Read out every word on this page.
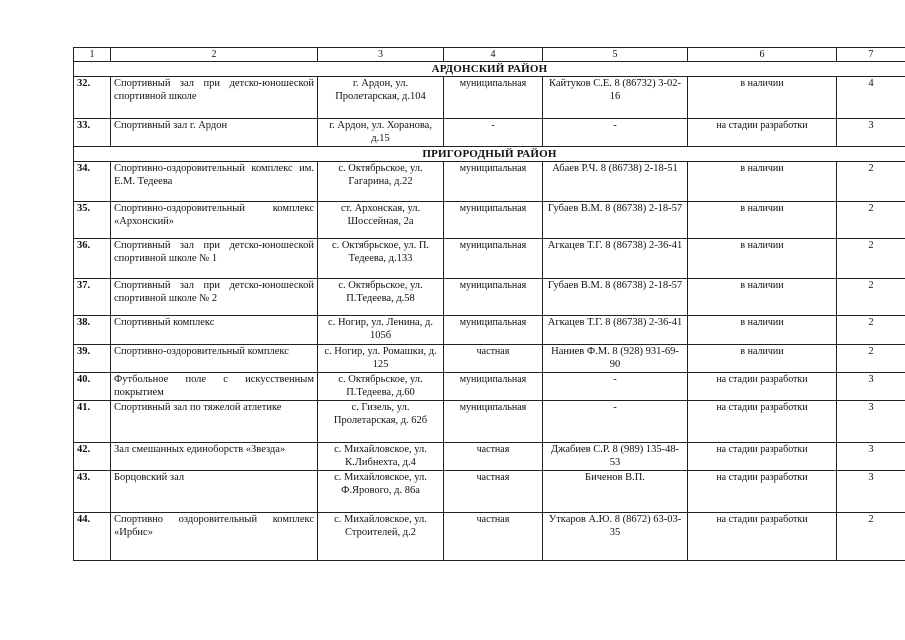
1	2	3	4	5	6	7
АРДОНСКИЙ РАЙОН						
32.	Спортивный зал при детско-юношеской спортивной школе	г. Ардон, ул. Пролетарская, д.104	муниципальная	Кайтуков С.Е. 8 (86732) 3-02-16	в наличии	4
33.	Спортивный зал г. Ардон	г. Ардон, ул. Хоранова, д.15	-	-	на стадии разработки	3
ПРИГОРОДНЫЙ РАЙОН						
34.	Спортивно-оздоровительный комплекс им. Е.М. Тедеева	с. Октябрьское, ул. Гагарина, д.22	муниципальная	Абаев Р.Ч. 8 (86738) 2-18-51	в наличии	2
35.	Спортивно-оздоровительный комплекс «Архонский»	ст. Архонская, ул. Шоссейная, 2а	муниципальная	Губаев В.М. 8 (86738) 2-18-57	в наличии	2
36.	Спортивный зал при детско-юношеской спортивной школе № 1	с. Октябрьское, ул. П. Тедеева, д.133	муниципальная	Агкацев Т.Г. 8 (86738) 2-36-41	в наличии	2
37.	Спортивный зал при детско-юношеской спортивной школе № 2	с. Октябрьское, ул. П.Тедеева, д.58	муниципальная	Губаев В.М. 8 (86738) 2-18-57	в наличии	2
38.	Спортивный комплекс	с. Ногир, ул. Ленина, д. 105б	муниципальная	Агкацев Т.Г. 8 (86738) 2-36-41	в наличии	2
39.	Спортивно-оздоровительный комплекс	с. Ногир, ул. Ромашки, д. 125	частная	Наниев Ф.М. 8 (928) 931-69-90	в наличии	2
40.	Футбольное поле с искусственным покрытием	с. Октябрьское, ул. П.Тедеева, д.60	муниципальная	-	на стадии разработки	3
41.	Спортивный зал по тяжелой атлетике	с. Гизель, ул. Пролетарская, д. 62б	муниципальная	-	на стадии разработки	3
42.	Зал смешанных единоборств «Звезда»	с. Михайловское, ул. К.Либнехта, д.4	частная	Джабиев С.Р. 8 (989) 135-48-53	на стадии разработки	3
43.	Борцовский зал	с. Михайловское, ул. Ф.Ярового, д. 86а	частная	Биченов В.П.	на стадии разработки	3
44.	Спортивно оздоровительный комплекс «Ирбис»	с. Михайловское, ул. Строителей, д.2	частная	Уткаров А.Ю. 8 (8672) 63-03-35	на стадии разработки	2
